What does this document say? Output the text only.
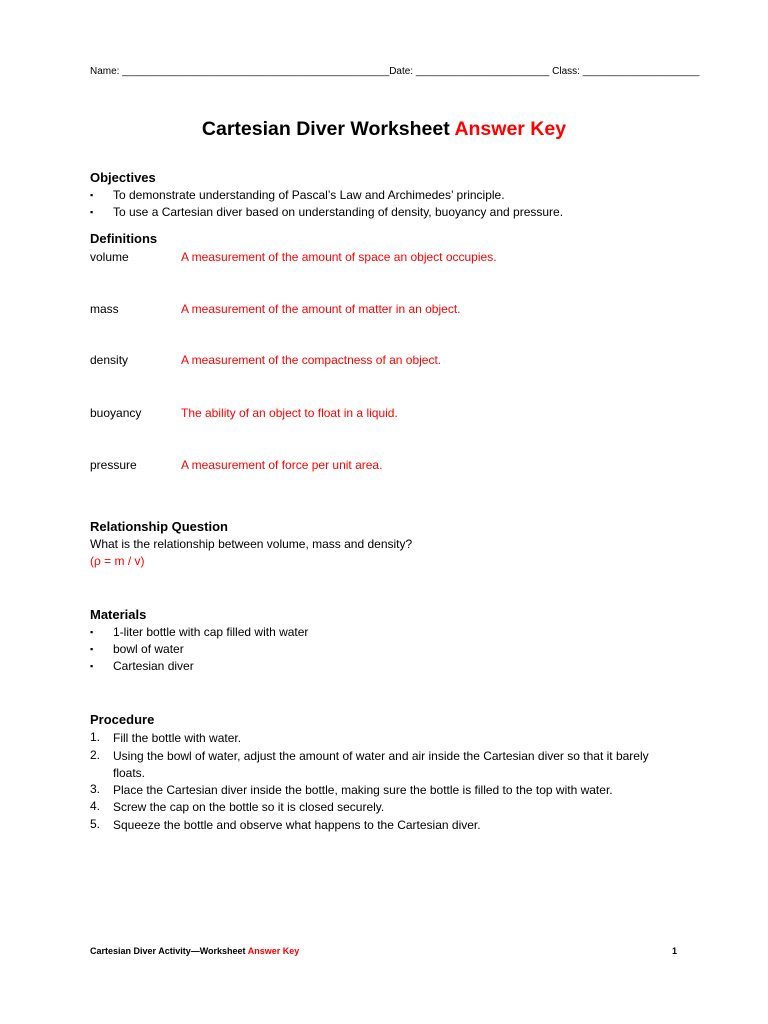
Name: ________________________________________________Date: ________________________ Class: _____________________
Cartesian Diver Worksheet Answer Key
Objectives
▪	To demonstrate understanding of Pascal’s Law and Archimedes’ principle.
▪	To use a Cartesian diver based on understanding of density, buoyancy and pressure.
Definitions
volume	A measurement of the amount of space an object occupies.
mass	A measurement of the amount of matter in an object.
density	A measurement of the compactness of an object.
buoyancy	The ability of an object to float in a liquid.
pressure	A measurement of force per unit area.
Relationship Question
What is the relationship between volume, mass and density?
(ρ = m / v)
Materials
▪	1-liter bottle with cap filled with water
▪	bowl of water
▪	Cartesian diver
Procedure
1.	Fill the bottle with water.
2.	Using the bowl of water, adjust the amount of water and air inside the Cartesian diver so that it barely floats.
3.	Place the Cartesian diver inside the bottle, making sure the bottle is filled to the top with water.
4.	Screw the cap on the bottle so it is closed securely.
5.	Squeeze the bottle and observe what happens to the Cartesian diver.
Cartesian Diver Activity—Worksheet Answer Key	1
